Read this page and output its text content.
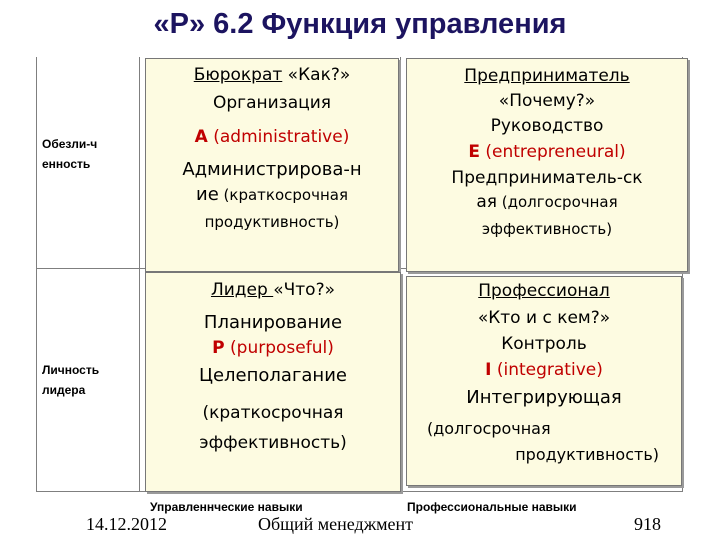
«P» 6.2 Функция управления
Обезли-ч
енность
Личность
лидера
Бюрократ «Как?»
Организация
A (administrative)
Администрирова-н
ие (краткосрочная
продуктивность)
Предприниматель
«Почему?»
Руководство
E (entrepreneural)
Предприниматель-ск
ая (долгосрочная
эффективность)
Лидер «Что?»
Планирование
P (purposeful)
Целеполагание
(краткосрочная
эффективность)
Профессионал
«Кто и с кем?»
Контроль
I (integrative)
Интегрирующая
(долгосрочная
продуктивность)
Управленнческие навыки	Профессиональные навыки
14.12.2012	Общий менеджмент	918
